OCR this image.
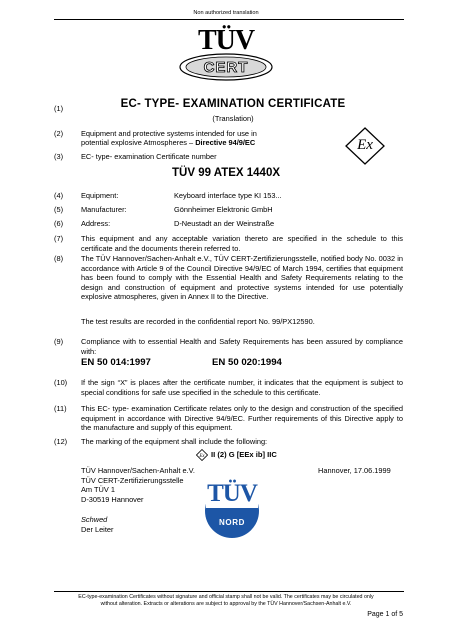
Non authorized translation
TÜV
CERT
(1)	EC- TYPE- EXAMINATION CERTIFICATE
(Translation)
(2) Equipment and protective systems intended for use in
potential explosive Atmospheres – Directive 94/9/EC	Ex
(3) EC- type- examination Certificate number
TÜV 99 ATEX 1440X
(4) Equipment:	Keyboard interface type KI 153...
(5) Manufacturer:	Gönnheimer Elektronic GmbH
(6) Address:	D-Neustadt an der Weinstraße
(7) This equipment and any acceptable variation thereto are specified in the schedule to this certificate and the documents therein referred to.
(8) The TÜV Hannover/Sachen-Anhalt e.V., TÜV CERT-Zertifizierungsstelle, notified body No. 0032 in accordance with Article 9 of the Council Directive 94/9/EC of March 1994, certifies that equipment has been found to comply with the Essential Health and Safety Requirements relating to the design and construction of equipment and protective systems intended for use potentially explosive atmospheres, given in Annex II to the Directive.
The test results are recorded in the confidential report No. 99/PX12590.
(9) Compliance with to essential Health and Safety Requirements has been assured by compliance with:
EN 50 014:1997	EN 50 020:1994
(10) If the sign “X” is places after the certificate number, it indicates that the equipment is subject to special conditions for safe use specified in the schedule to this certificate.
(11) This EC- type- examination Certificate relates only to the design and construction of the specified equipment in accordance with Directive 94/9/EC. Further requirements of this Directive apply to the manufacture and supply of this equipment.
(12) The marking of the equipment shall include the following:
Ex II (2) G [EEx ib] IIC
TÜV Hannover/Sachen-Anhalt e.V.
TÜV CERT-Zertifizierungsstelle
Am TÜV 1
D-30519 Hannover
Hannover, 17.06.1999
Schwed
Der Leiter
TÜV
NORD
EC-type-examination Certificates without signature and official stamp shall not be valid. The certificates may be circulated only
without alteration. Extracts or alterations are subject to approval by the TÜV Hannover/Sachsen-Anhalt e.V.
Page 1 of 5
